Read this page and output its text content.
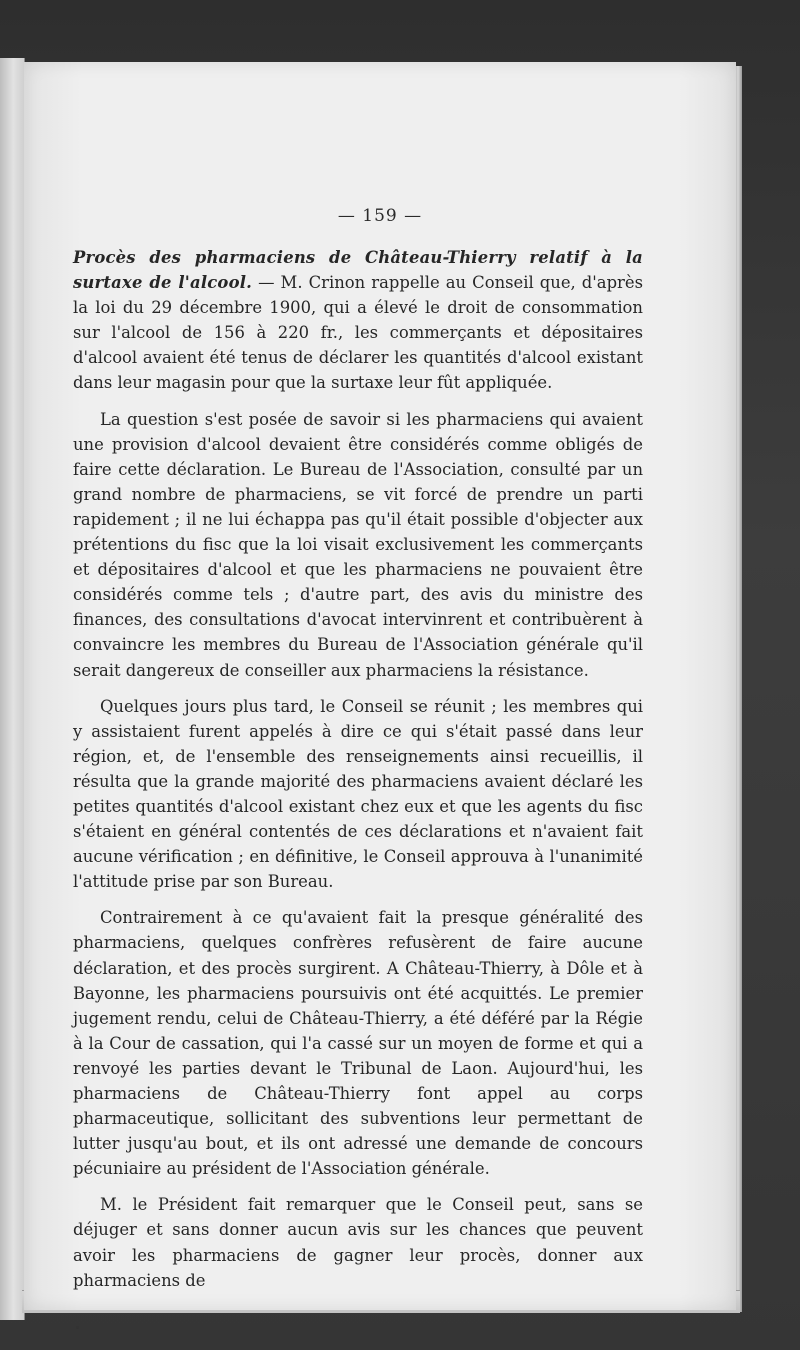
— 159 —

Procès des pharmaciens de Château-Thierry relatif à la surtaxe de l'alcool. — M. Crinon rappelle au Conseil que, d'après la loi du 29 décembre 1900, qui a élevé le droit de consommation sur l'alcool de 156 à 220 fr., les commerçants et dépositaires d'alcool avaient été tenus de déclarer les quantités d'alcool existant dans leur magasin pour que la surtaxe leur fût appliquée.

La question s'est posée de savoir si les pharmaciens qui avaient une provision d'alcool devaient être considérés comme obligés de faire cette déclaration. Le Bureau de l'Association, consulté par un grand nombre de pharmaciens, se vit forcé de prendre un parti rapidement ; il ne lui échappa pas qu'il était possible d'objecter aux prétentions du fisc que la loi visait exclusivement les commerçants et dépositaires d'alcool et que les pharmaciens ne pouvaient être considérés comme tels ; d'autre part, des avis du ministre des finances, des consultations d'avocat intervinrent et contribuèrent à convaincre les membres du Bureau de l'Association générale qu'il serait dangereux de conseiller aux pharmaciens la résistance.

Quelques jours plus tard, le Conseil se réunit ; les membres qui y assistaient furent appelés à dire ce qui s'était passé dans leur région, et, de l'ensemble des renseignements ainsi recueillis, il résulta que la grande majorité des pharmaciens avaient déclaré les petites quantités d'alcool existant chez eux et que les agents du fisc s'étaient en général contentés de ces déclarations et n'avaient fait aucune vérification ; en définitive, le Conseil approuva à l'unanimité l'attitude prise par son Bureau.

Contrairement à ce qu'avaient fait la presque généralité des pharmaciens, quelques confrères refusèrent de faire aucune déclaration, et des procès surgirent. A Château-Thierry, à Dôle et à Bayonne, les pharmaciens poursuivis ont été acquittés. Le premier jugement rendu, celui de Château-Thierry, a été déféré par la Régie à la Cour de cassation, qui l'a cassé sur un moyen de forme et qui a renvoyé les parties devant le Tribunal de Laon. Aujourd'hui, les pharmaciens de Château-Thierry font appel au corps pharmaceutique, sollicitant des subventions leur permettant de lutter jusqu'au bout, et ils ont adressé une demande de concours pécuniaire au président de l'Association générale.

M. le Président fait remarquer que le Conseil peut, sans se déjuger et sans donner aucun avis sur les chances que peuvent avoir les pharmaciens de gagner leur procès, donner aux pharmaciens de
